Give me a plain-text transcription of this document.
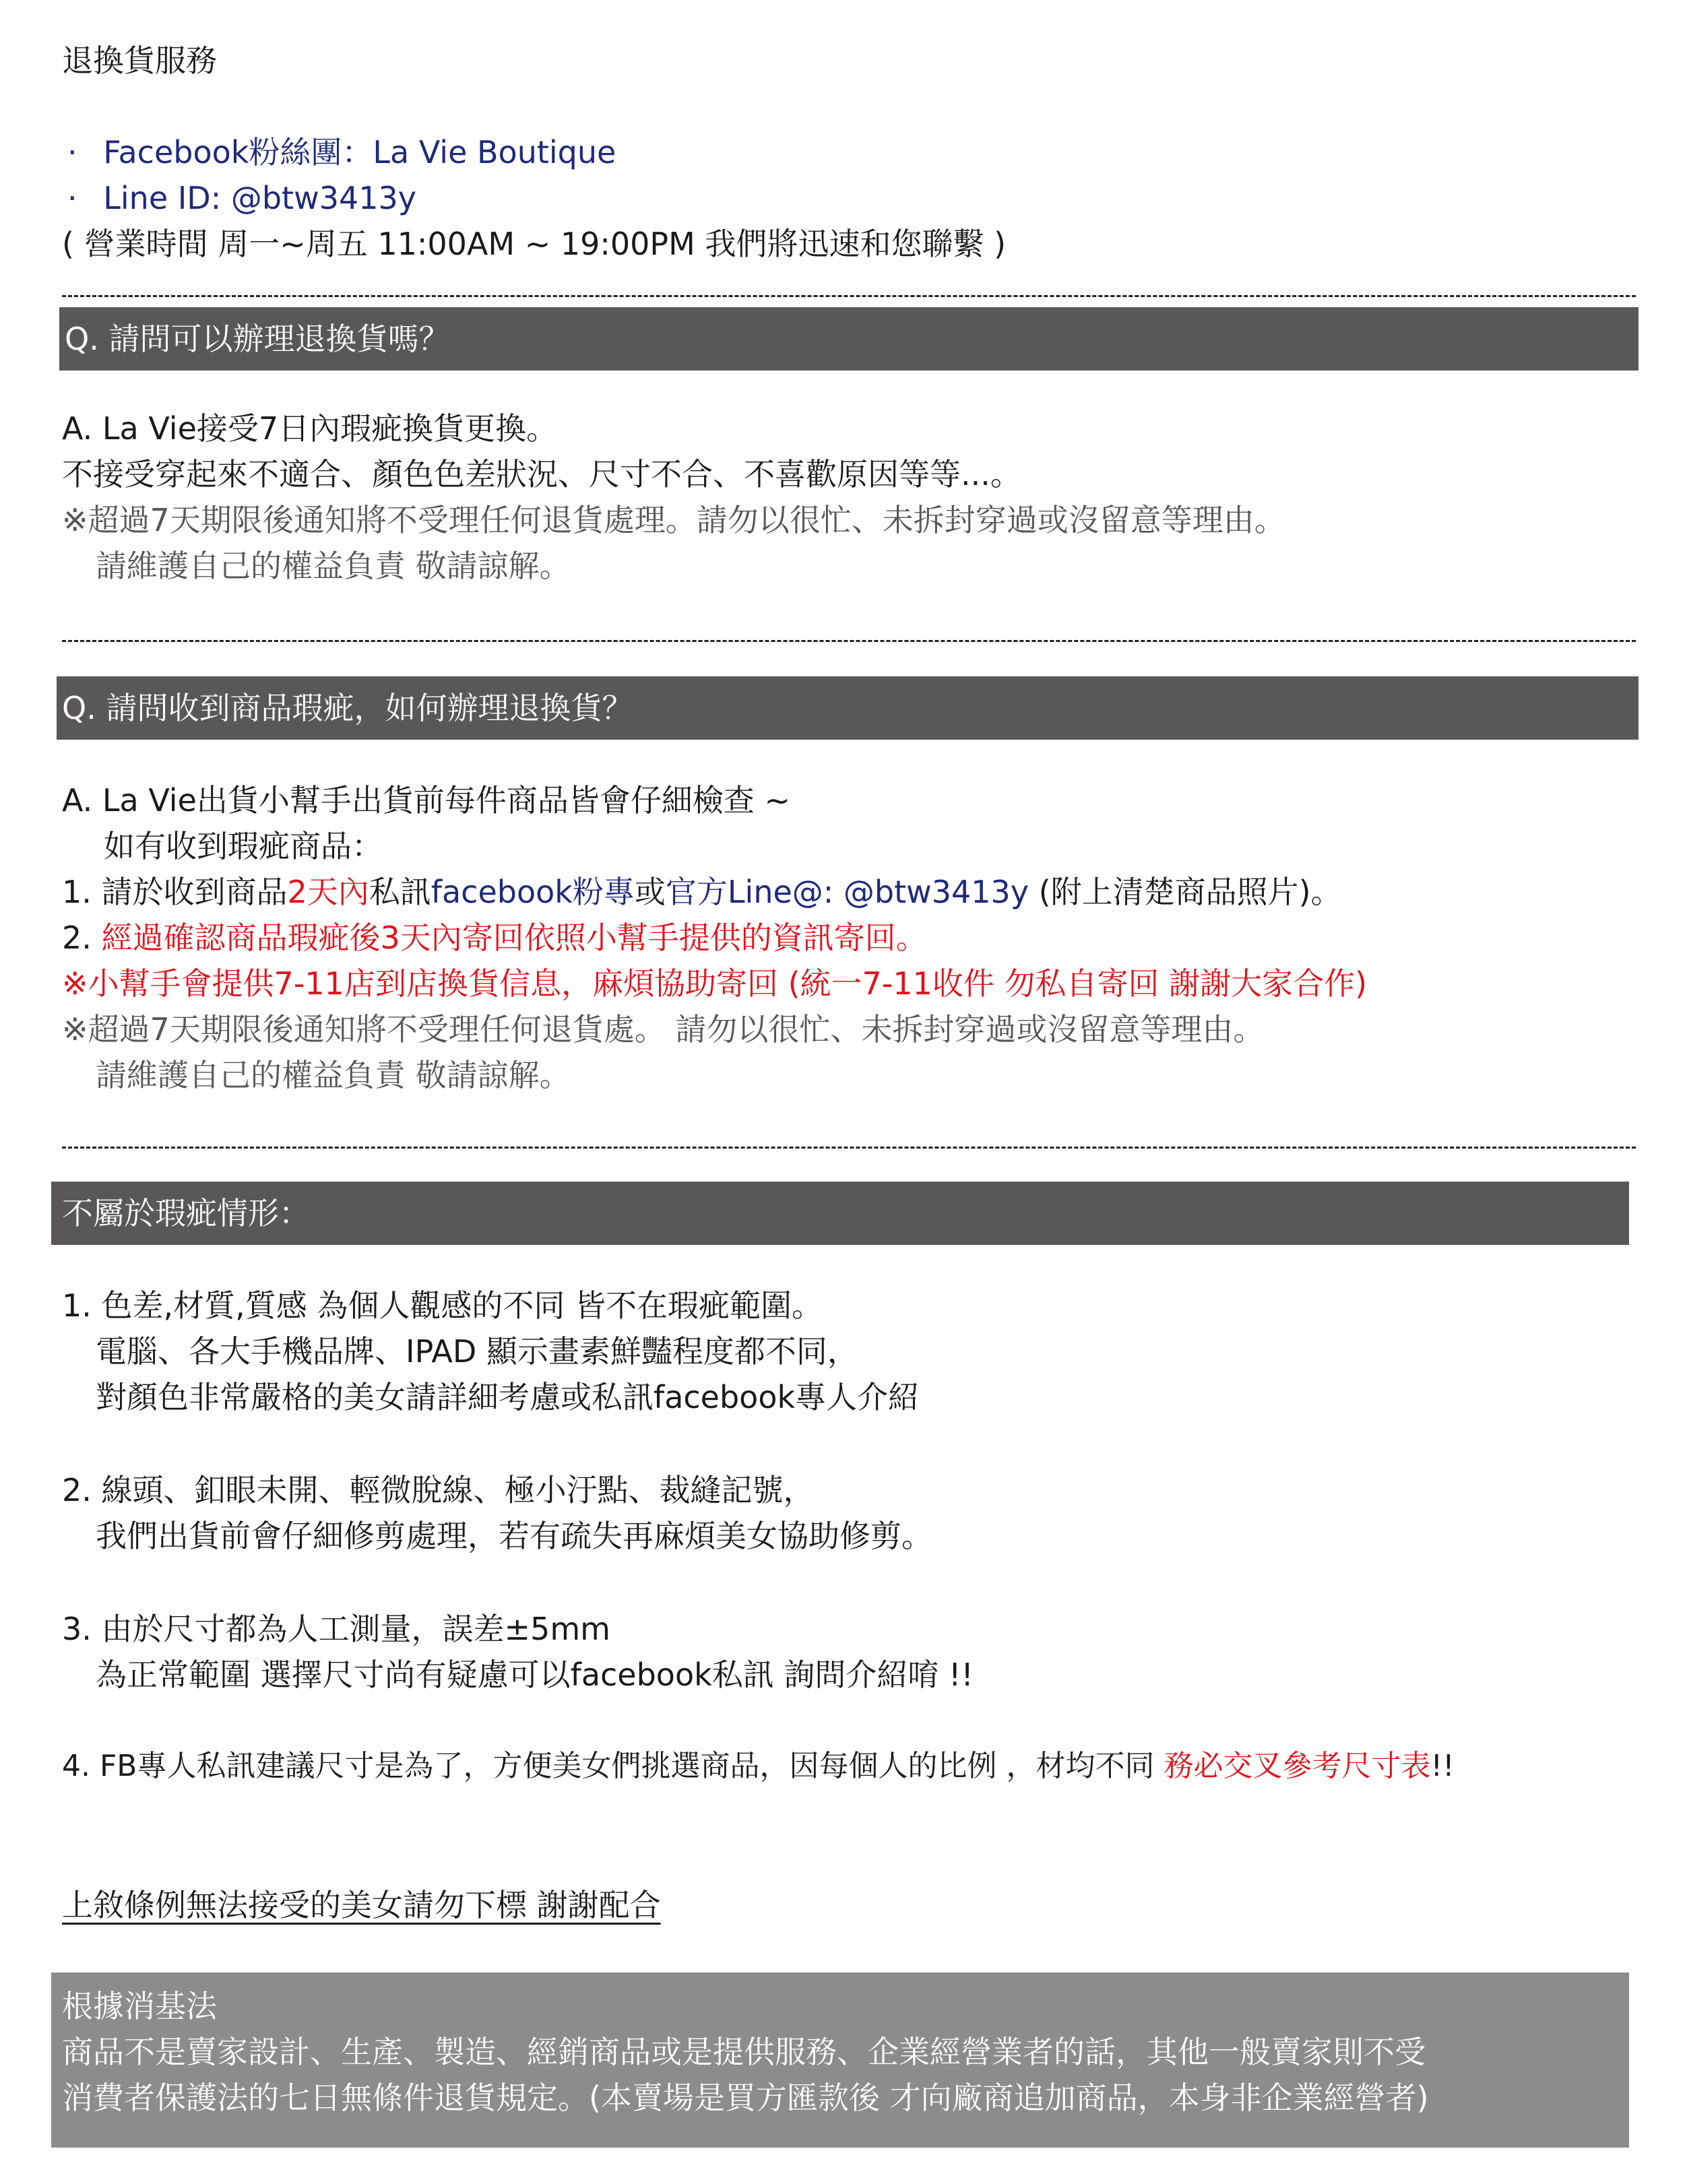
退換貨服務
· Facebook粉絲團：La Vie Boutique
· Line ID: @btw3413y
( 營業時間 周一~周五 11:00AM ~ 19:00PM 我們將迅速和您聯繫 )
Q. 請問可以辦理退換貨嗎？
A. La Vie接受7日內瑕疵換貨更換。
不接受穿起來不適合、顏色色差狀況、尺寸不合、不喜歡原因等等...。
※超過7天期限後通知將不受理任何退貨處理。請勿以很忙、未拆封穿過或沒留意等理由。
請維護自己的權益負責 敬請諒解。
Q. 請問收到商品瑕疵，如何辦理退換貨？
A. La Vie出貨小幫手出貨前每件商品皆會仔細檢查 ~
如有收到瑕疵商品：
1. 請於收到商品2天內私訊facebook粉專或官方Line@: @btw3413y (附上清楚商品照片)。
2. 經過確認商品瑕疵後3天內寄回依照小幫手提供的資訊寄回。
※小幫手會提供7-11店到店換貨信息，麻煩協助寄回 (統一7-11收件 勿私自寄回 謝謝大家合作)
※超過7天期限後通知將不受理任何退貨處。 請勿以很忙、未拆封穿過或沒留意等理由。
請維護自己的權益負責 敬請諒解。
不屬於瑕疵情形：
1. 色差,材質,質感 為個人觀感的不同 皆不在瑕疵範圍。
電腦、各大手機品牌、IPAD 顯示畫素鮮豔程度都不同，
對顏色非常嚴格的美女請詳細考慮或私訊facebook專人介紹
2. 線頭、釦眼未開、輕微脫線、極小汙點、裁縫記號，
我們出貨前會仔細修剪處理，若有疏失再麻煩美女協助修剪。
3. 由於尺寸都為人工測量，誤差±5mm
為正常範圍 選擇尺寸尚有疑慮可以facebook私訊 詢問介紹唷 !!
4. FB專人私訊建議尺寸是為了，方便美女們挑選商品，因每個人的比例 ，材均不同 務必交叉參考尺寸表!!
上敘條例無法接受的美女請勿下標 謝謝配合
根據消基法
商品不是賣家設計、生產、製造、經銷商品或是提供服務、企業經營業者的話，其他一般賣家則不受
消費者保護法的七日無條件退貨規定。(本賣場是買方匯款後 才向廠商追加商品，本身非企業經營者)
